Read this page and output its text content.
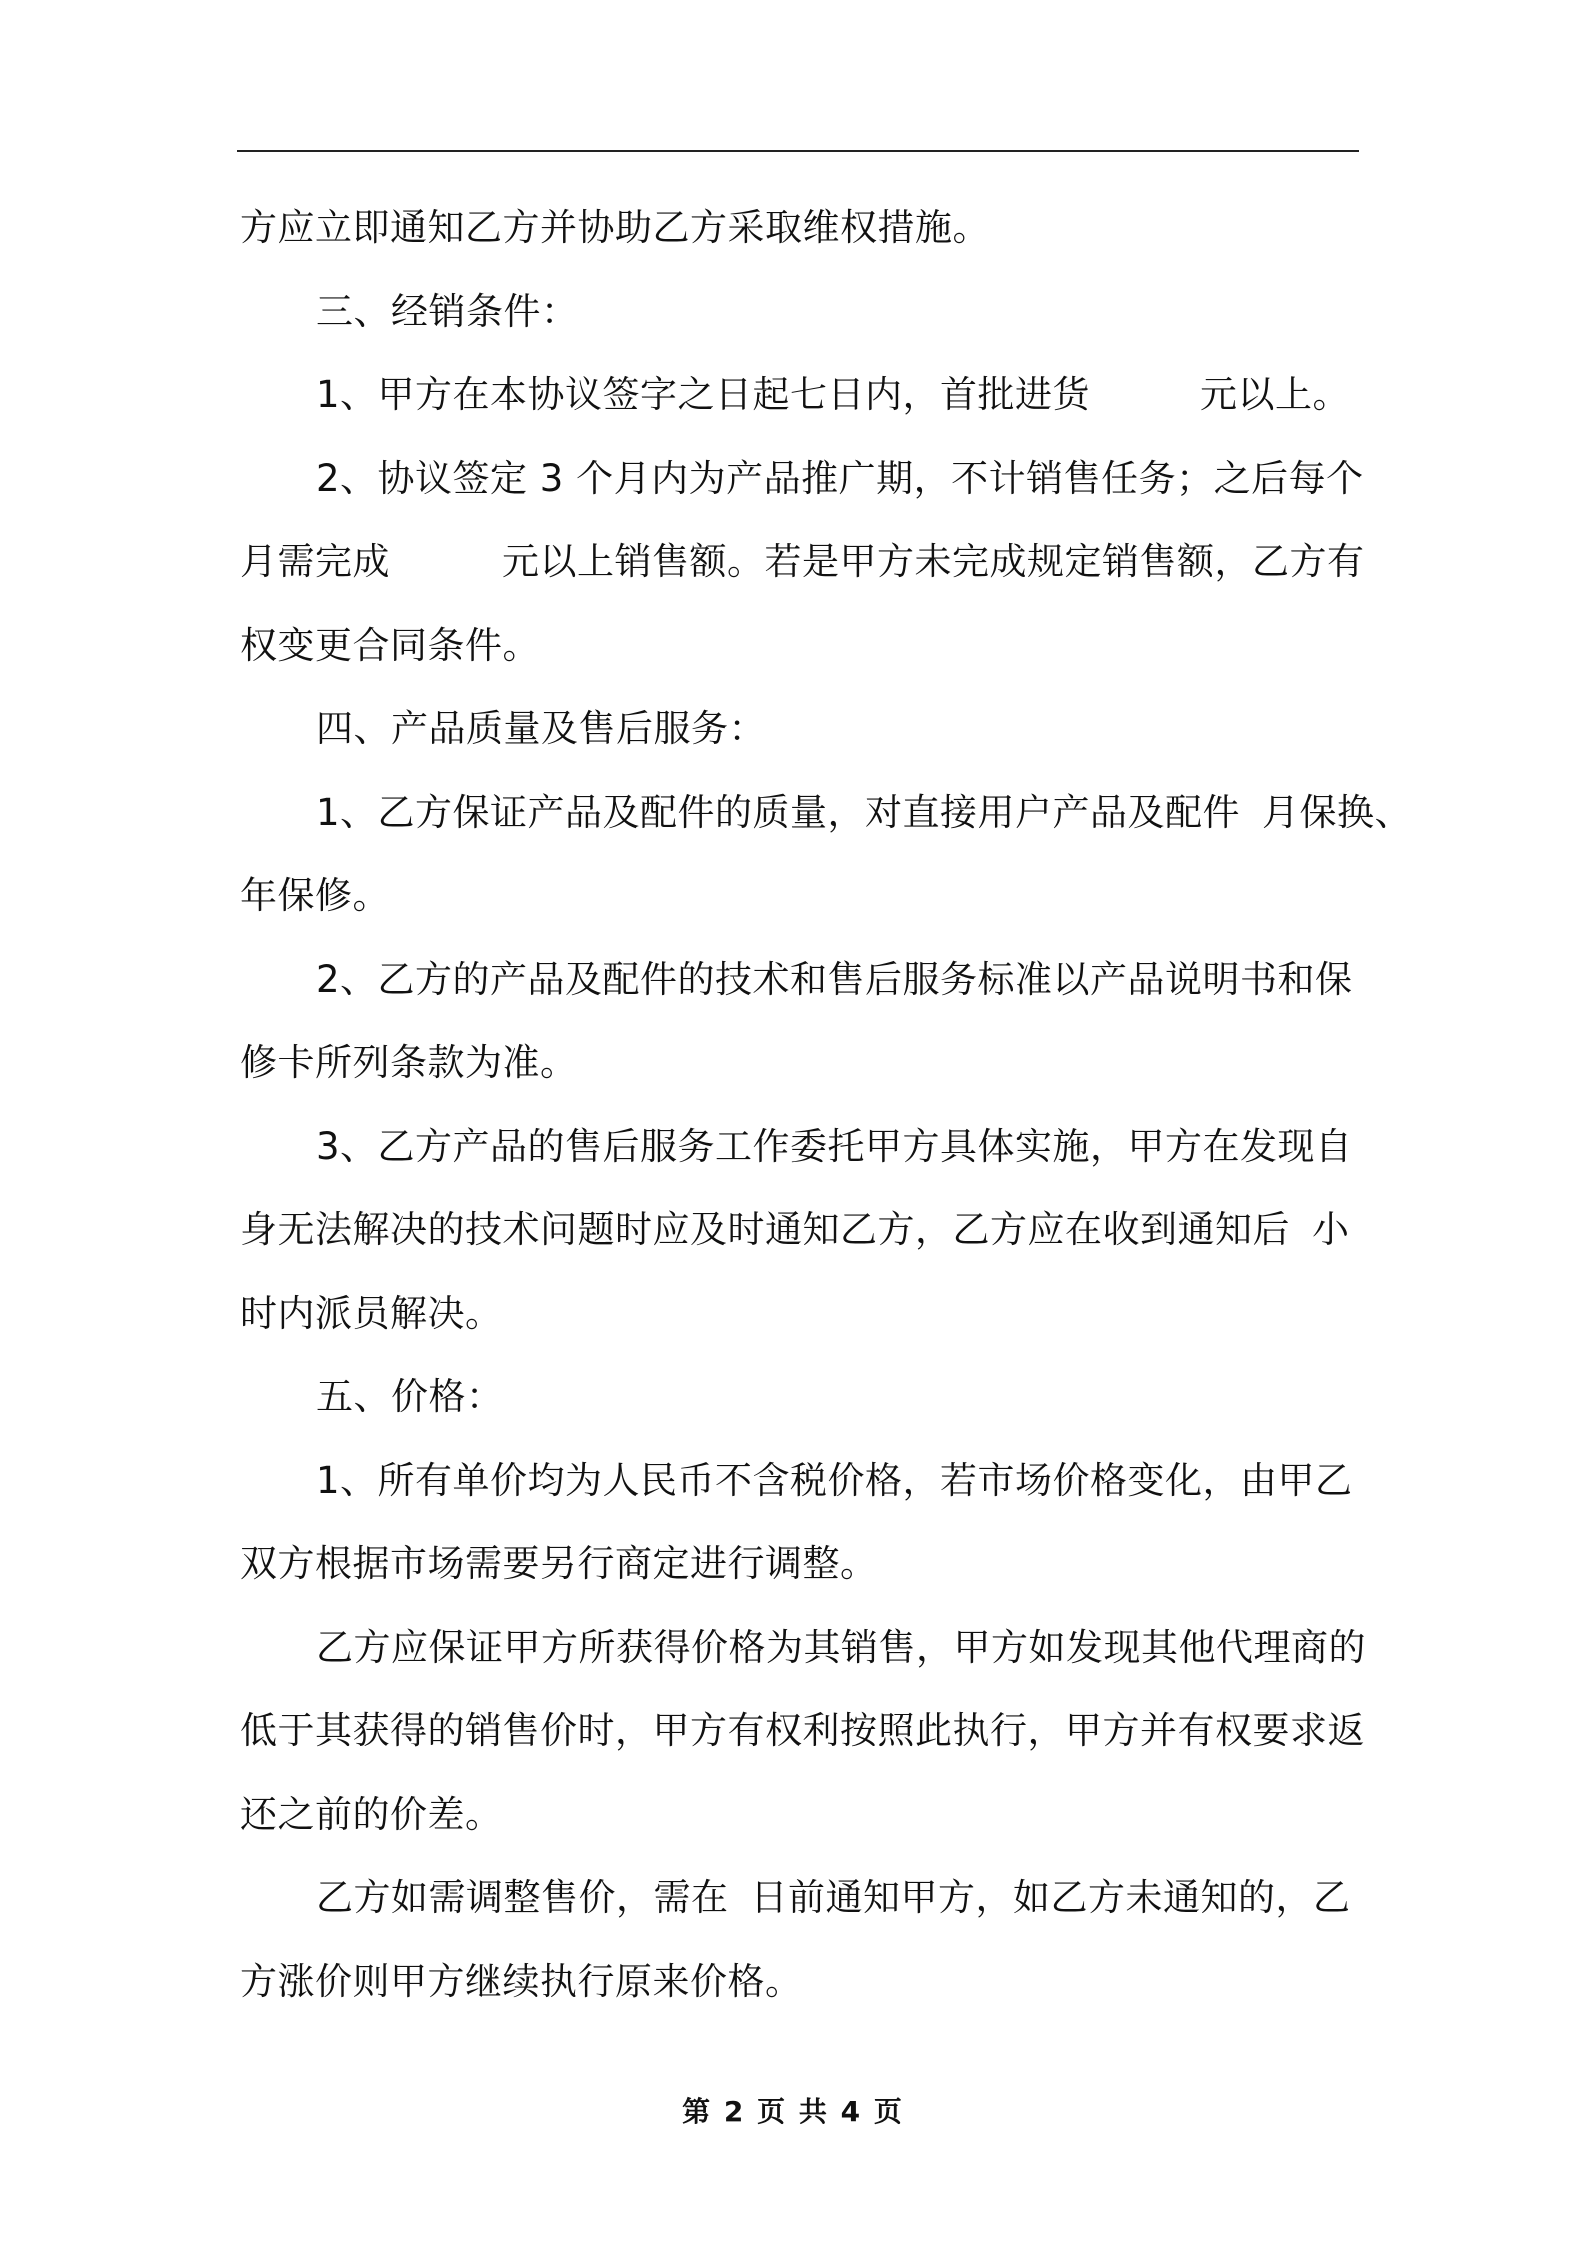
方应立即通知乙方并协助乙方采取维权措施。
三、经销条件：
1、甲方在本协议签字之日起七日内，首批进货	元以上。
2、协议签定 3 个月内为产品推广期，不计销售任务；之后每个
月需完成	元以上销售额。若是甲方未完成规定销售额，乙方有
权变更合同条件。
四、产品质量及售后服务：
1、乙方保证产品及配件的质量，对直接用户产品及配件 月保换、
年保修。
2、乙方的产品及配件的技术和售后服务标准以产品说明书和保
修卡所列条款为准。
3、乙方产品的售后服务工作委托甲方具体实施，甲方在发现自
身无法解决的技术问题时应及时通知乙方，乙方应在收到通知后 小
时内派员解决。
五、价格：
1、所有单价均为人民币不含税价格，若市场价格变化，由甲乙
双方根据市场需要另行商定进行调整。
乙方应保证甲方所获得价格为其销售，甲方如发现其他代理商的
低于其获得的销售价时，甲方有权利按照此执行，甲方并有权要求返
还之前的价差。
乙方如需调整售价，需在 日前通知甲方，如乙方未通知的，乙
方涨价则甲方继续执行原来价格。
第 2 页 共 4 页
